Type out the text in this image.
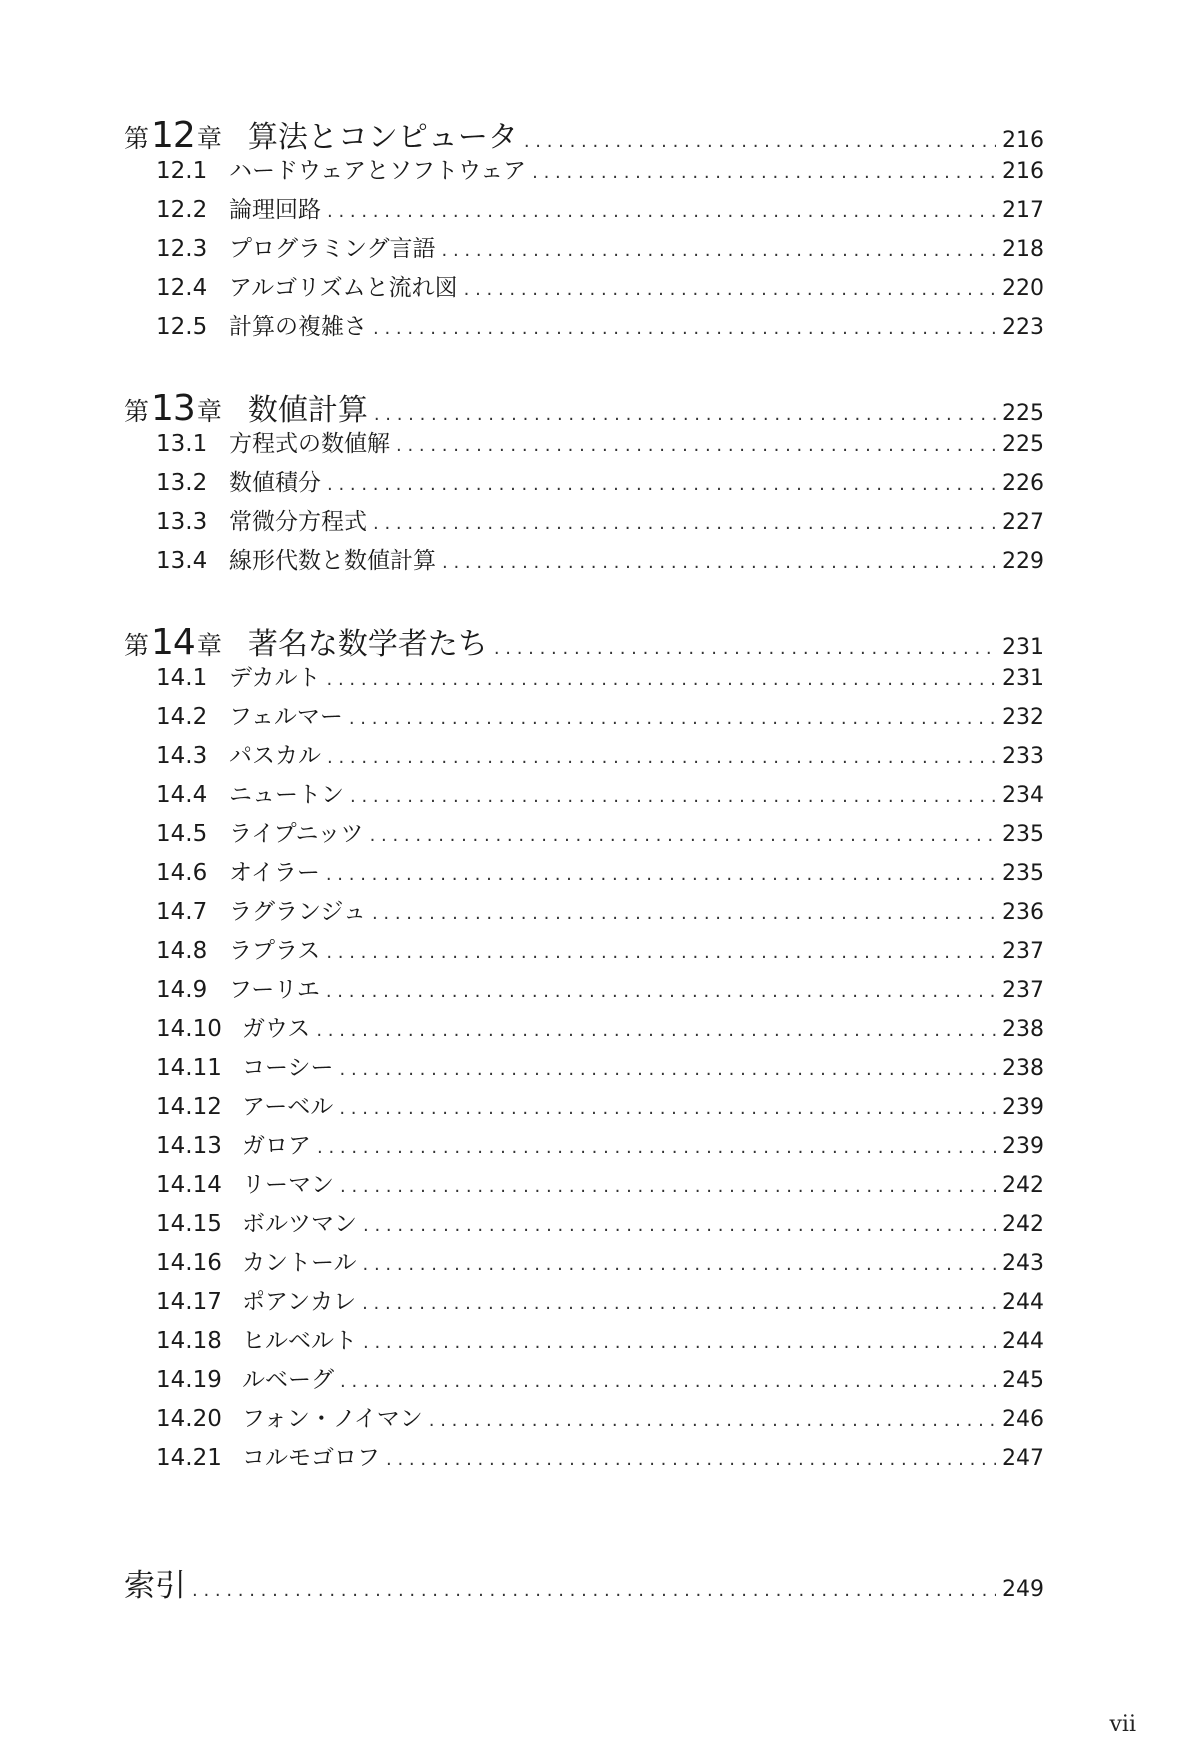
第 12 章 算法とコンピュータ . . .	216
12.1 ハードウェアとソフトウェア . . .	216
12.2 論理回路 . . .	217
12.3 プログラミング言語 . . .	218
12.4 アルゴリズムと流れ図 . . .	220
12.5 計算の複雑さ . . .	223
第 13 章 数値計算 . . .	225
13.1 方程式の数値解 . . .	225
13.2 数値積分 . . .	226
13.3 常微分方程式 . . .	227
13.4 線形代数と数値計算 . . .	229
第 14 章 著名な数学者たち . . .	231
14.1 デカルト . . .	231
14.2 フェルマー . . .	232
14.3 パスカル . . .	233
14.4 ニュートン . . .	234
14.5 ライプニッツ . . .	235
14.6 オイラー . . .	235
14.7 ラグランジュ . . .	236
14.8 ラプラス . . .	237
14.9 フーリエ . . .	237
14.10 ガウス . . .	238
14.11 コーシー . . .	238
14.12 アーベル . . .	239
14.13 ガロア . . .	239
14.14 リーマン . . .	242
14.15 ボルツマン . . .	242
14.16 カントール . . .	243
14.17 ポアンカレ . . .	244
14.18 ヒルベルト . . .	244
14.19 ルベーグ . . .	245
14.20 フォン・ノイマン . . .	246
14.21 コルモゴロフ . . .	247
索引 . . .	249
vii
